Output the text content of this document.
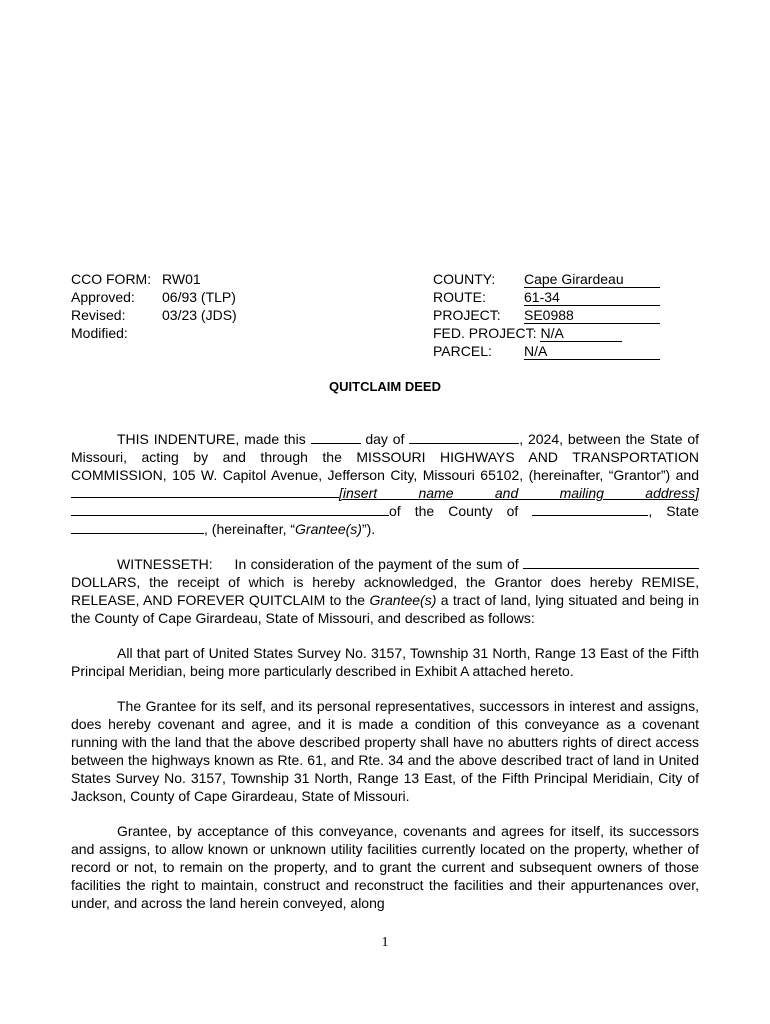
CCO FORM: RW01
Approved: 06/93 (TLP)
Revised:	03/23 (JDS)
Modified:
COUNTY: Cape Girardeau
ROUTE:	61-34
PROJECT: SE0988
FED. PROJECT: N/A
PARCEL: N/A
QUITCLAIM DEED

THIS INDENTURE, made this	day of	, 2024, between the State of Missouri, acting by and through the MISSOURI HIGHWAYS AND TRANSPORTATION COMMISSION, 105 W. Capitol Avenue, Jefferson City, Missouri 65102, (hereinafter, “Grantor”) and [insert name and mailing address]of the County of	, State , (hereinafter, “Grantee(s)”).

WITNESSETH:     In consideration of the payment of the sum of DOLLARS, the receipt of which is hereby acknowledged, the Grantor does hereby REMISE, RELEASE, AND FOREVER QUITCLAIM to the Grantee(s) a tract of land, lying situated and being in the County of Cape Girardeau, State of Missouri, and described as follows:

All that part of United States Survey No. 3157, Township 31 North, Range 13 East of the Fifth Principal Meridian, being more particularly described in Exhibit A attached hereto.

The Grantee for its self, and its personal representatives, successors in interest and assigns, does hereby covenant and agree, and it is made a condition of this conveyance as a covenant running with the land that the above described property shall have no abutters rights of direct access between the highways known as Rte. 61, and Rte. 34 and the above described tract of land in United States Survey No. 3157, Township 31 North, Range 13 East, of the Fifth Principal Meridiain, City of Jackson, County of Cape Girardeau, State of Missouri.

Grantee, by acceptance of this conveyance, covenants and agrees for itself, its successors and assigns, to allow known or unknown utility facilities currently located on the property, whether of record or not, to remain on the property, and to grant the current and subsequent owners of those facilities the right to maintain, construct and reconstruct the facilities and their appurtenances over, under, and across the land herein conveyed, along

1
